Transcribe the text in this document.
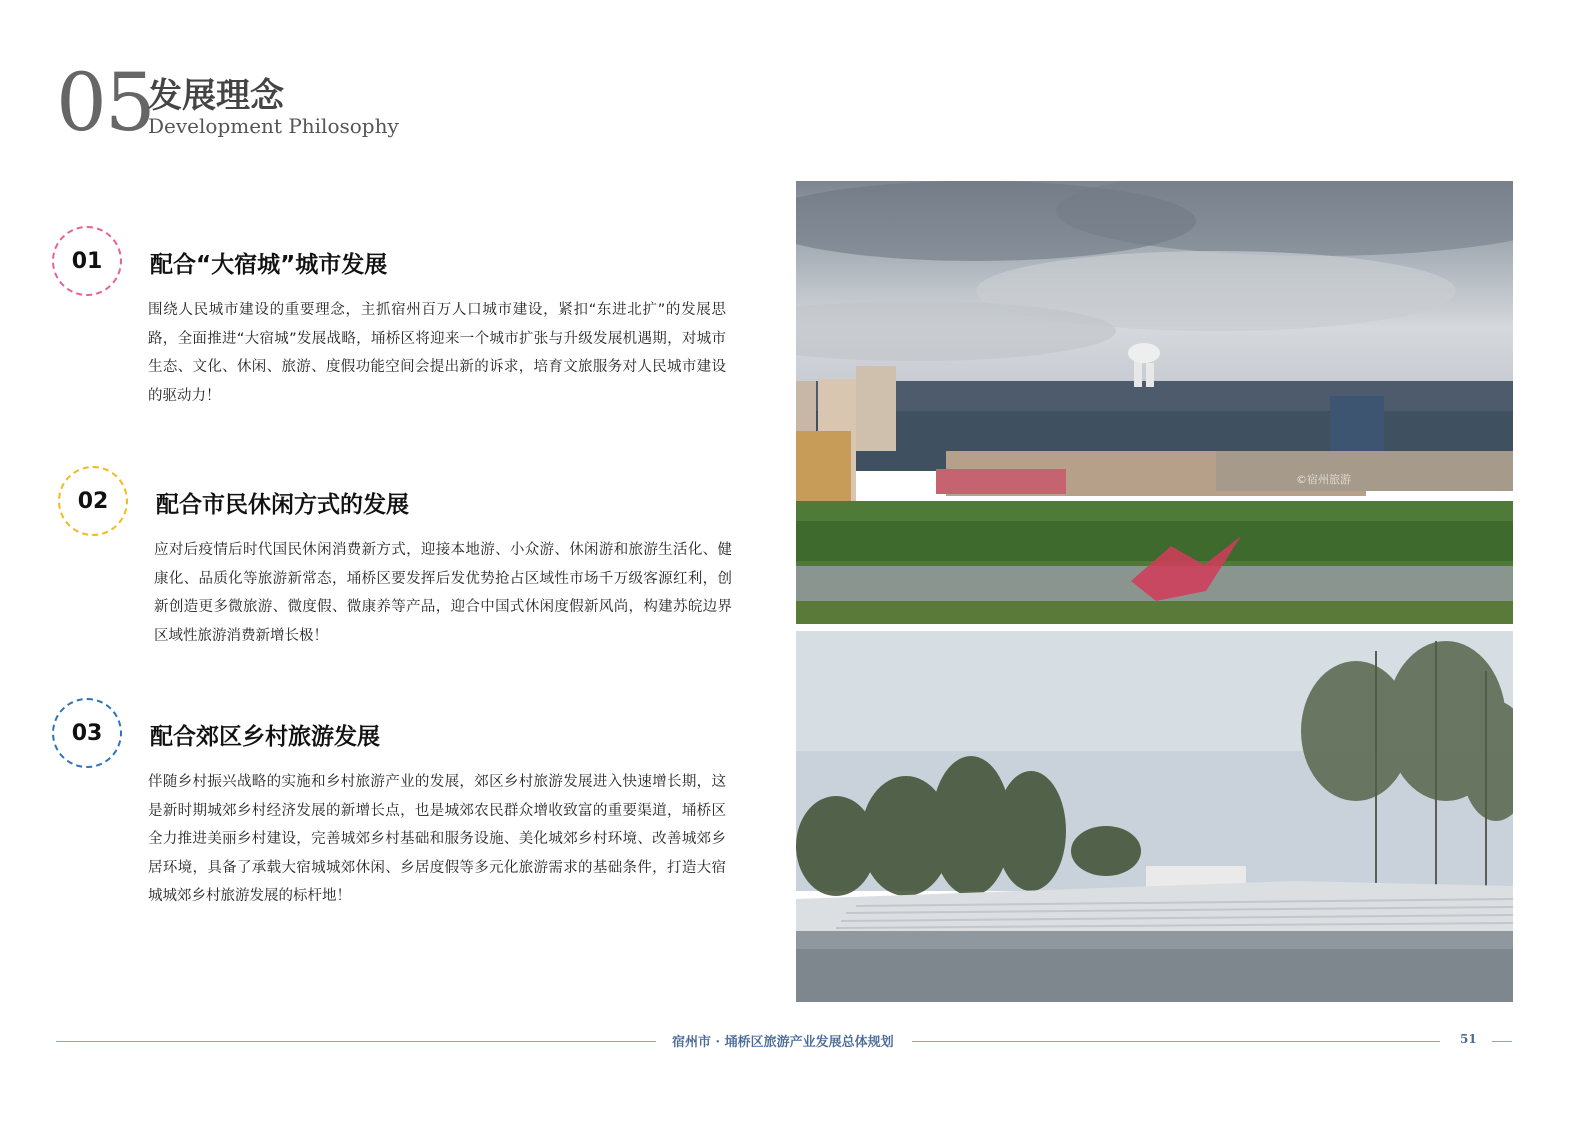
05
发展理念
Development Philosophy
01	配合“大宿城”城市发展
围绕人民城市建设的重要理念，主抓宿州百万人口城市建设，紧扣“东进北扩”的发展思路，全面推进“大宿城”发展战略，埇桥区将迎来一个城市扩张与升级发展机遇期，对城市生态、文化、休闲、旅游、度假功能空间会提出新的诉求，培育文旅服务对人民城市建设的驱动力！
02	配合市民休闲方式的发展
应对后疫情后时代国民休闲消费新方式，迎接本地游、小众游、休闲游和旅游生活化、健康化、品质化等旅游新常态，埇桥区要发挥后发优势抢占区域性市场千万级客源红利，创新创造更多微旅游、微度假、微康养等产品，迎合中国式休闲度假新风尚，构建苏皖边界区域性旅游消费新增长极！
03	配合郊区乡村旅游发展
伴随乡村振兴战略的实施和乡村旅游产业的发展，郊区乡村旅游发展进入快速增长期，这是新时期城郊乡村经济发展的新增长点，也是城郊农民群众增收致富的重要渠道，埇桥区全力推进美丽乡村建设，完善城郊乡村基础和服务设施、美化城郊乡村环境、改善城郊乡居环境，具备了承载大宿城城郊休闲、乡居度假等多元化旅游需求的基础条件，打造大宿城城郊乡村旅游发展的标杆地！
©宿州旅游
宿州市 · 埇桥区旅游产业发展总体规划	51
